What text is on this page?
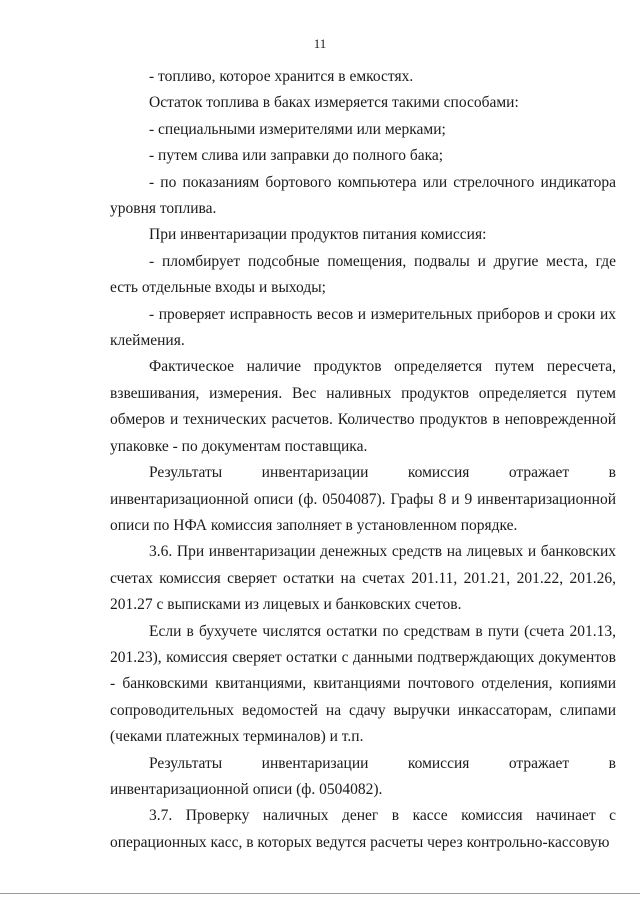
11

- топливо, которое хранится в емкостях.

Остаток топлива в баках измеряется такими способами:

- специальными измерителями или мерками;

- путем слива или заправки до полного бака;

- по показаниям бортового компьютера или стрелочного индикатора уровня топлива.

При инвентаризации продуктов питания комиссия:

- пломбирует подсобные помещения, подвалы и другие места, где есть отдельные входы и выходы;

- проверяет исправность весов и измерительных приборов и сроки их клеймения.

Фактическое наличие продуктов определяется путем пересчета, взвешивания, измерения. Вес наливных продуктов определяется путем обмеров и технических расчетов. Количество продуктов в неповрежденной упаковке - по документам поставщика.

Результаты инвентаризации комиссия отражает в инвентаризационной описи (ф. 0504087). Графы 8 и 9 инвентаризационной описи по НФА комиссия заполняет в установленном порядке.

3.6. При инвентаризации денежных средств на лицевых и банковских счетах комиссия сверяет остатки на счетах 201.11, 201.21, 201.22, 201.26, 201.27 с выписками из лицевых и банковских счетов.

Если в бухучете числятся остатки по средствам в пути (счета 201.13, 201.23), комиссия сверяет остатки с данными подтверждающих документов - банковскими квитанциями, квитанциями почтового отделения, копиями сопроводительных ведомостей на сдачу выручки инкассаторам, слипами (чеками платежных терминалов) и т.п.

Результаты инвентаризации комиссия отражает в инвентаризационной описи (ф. 0504082).

3.7. Проверку наличных денег в кассе комиссия начинает с операционных касс, в которых ведутся расчеты через контрольно-кассовую
